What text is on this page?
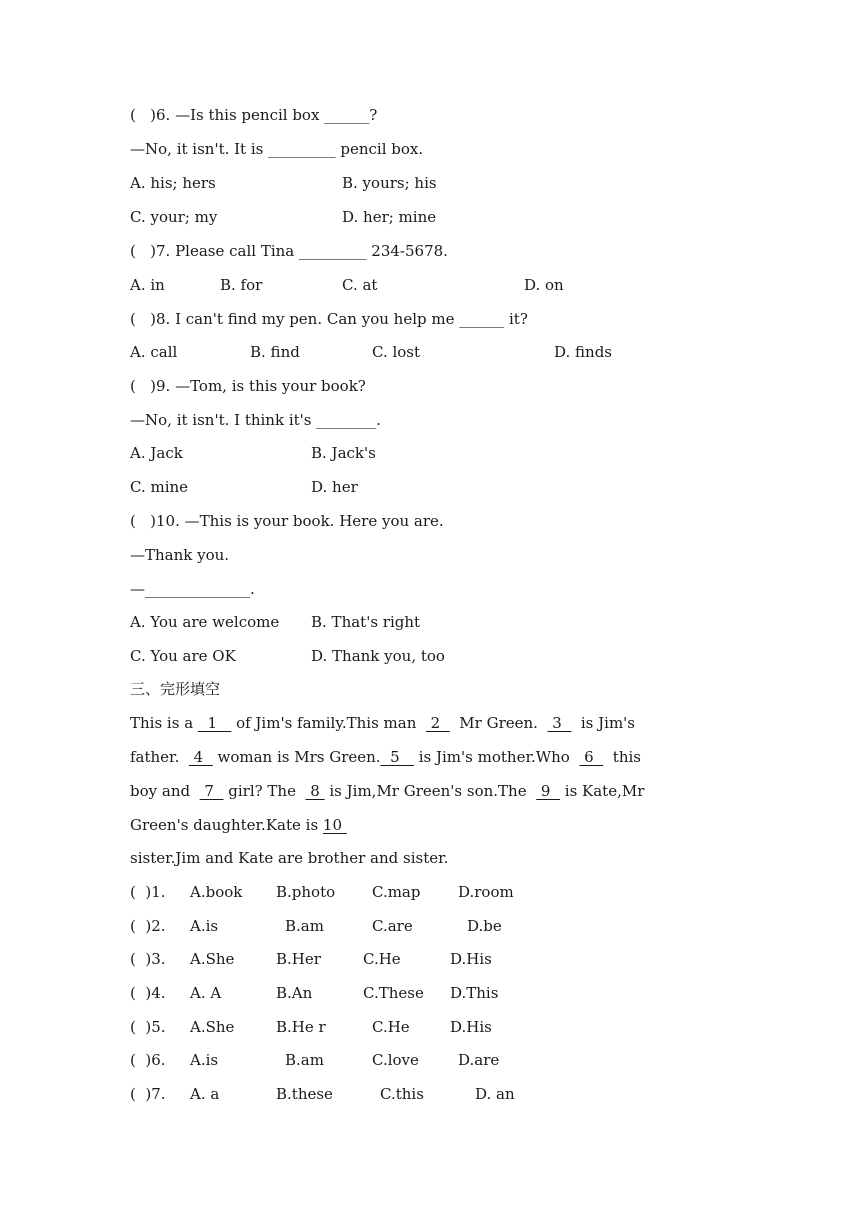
(   )6. —Is this pencil box ______?
—No, it isn't. It is _________ pencil box.

A. his; hers

	B. yours; his

C. your; my

	D. her; mine

(   )7. Please call Tina _________ 234-5678.

A. in

	B. for

	C. at

	D. on

(   )8. I can't find my pen. Can you help me ______ it?

A. call

	B. find

	C. lost

	D. finds

(   )9. —Tom, is this your book?
—No, it isn't. I think it's ________.

A. Jack

	B. Jack's

C. mine

	D. her

(   )10. —This is your book. Here you are.
—Thank you.
—______________.

A. You are welcome

B. That's right

C. You are OK

	D. Thank you, too

三、完形填空
This is a   1    of Jim's family.This man   2    Mr Green.   3    is Jim's
father.   4   woman is Mrs Green.  5    is Jim's mother.Who   6    this
boy and   7   girl? The   8  is Jim,Mr Green's son.The   9   is Kate,Mr
Green's daughter.Kate is 10
sister.Jim and Kate are brother and sister.

(  )1.

A.book

B.photo

C.map

	D.room

(  )2.

A.is

	B.am

	C.are

	D.be

(  )3.

A.She

	B.Her

	C.He

	D.His

(  )4.

A. A

	B.An

	C.These

D.This

(  )5.

A.She

	B.He r

	C.He

	D.His

(  )6.

A.is

	B.am

	C.love

	D.are

(  )7.

A. a

	B.these

	C.this

	D. an
